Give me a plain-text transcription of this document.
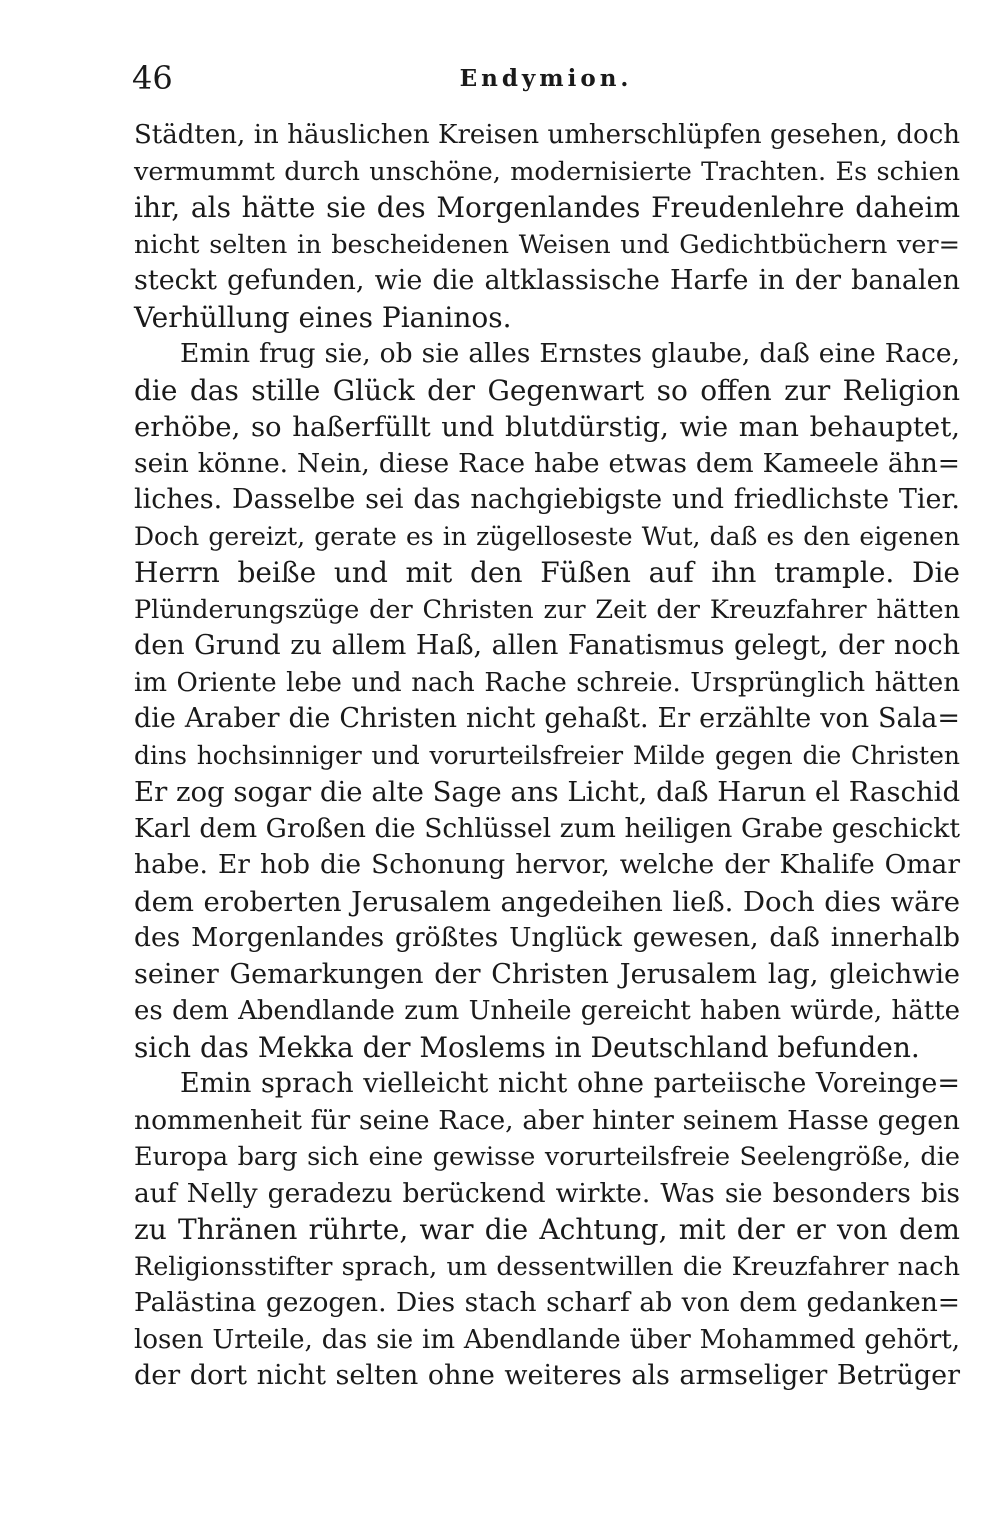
46	Endymion.
Städten, in häuslichen Kreisen umherschlüpfen gesehen, doch
vermummt durch unschöne, modernisierte Trachten. Es schien
ihr, als hätte sie des Morgenlandes Freudenlehre daheim
nicht selten in bescheidenen Weisen und Gedichtbüchern ver=
steckt gefunden, wie die altklassische Harfe in der banalen
Verhüllung eines Pianinos.
Emin frug sie, ob sie alles Ernstes glaube, daß eine Race,
die das stille Glück der Gegenwart so offen zur Religion
erhöbe, so haßerfüllt und blutdürstig, wie man behauptet,
sein könne. Nein, diese Race habe etwas dem Kameele ähn=
liches. Dasselbe sei das nachgiebigste und friedlichste Tier.
Doch gereizt, gerate es in zügelloseste Wut, daß es den eigenen
Herrn beiße und mit den Füßen auf ihn trample. Die
Plünderungszüge der Christen zur Zeit der Kreuzfahrer hätten
den Grund zu allem Haß, allen Fanatismus gelegt, der noch
im Oriente lebe und nach Rache schreie. Ursprünglich hätten
die Araber die Christen nicht gehaßt. Er erzählte von Sala=
dins hochsinniger und vorurteilsfreier Milde gegen die Christen
Er zog sogar die alte Sage ans Licht, daß Harun el Raschid
Karl dem Großen die Schlüssel zum heiligen Grabe geschickt
habe. Er hob die Schonung hervor, welche der Khalife Omar
dem eroberten Jerusalem angedeihen ließ. Doch dies wäre
des Morgenlandes größtes Unglück gewesen, daß innerhalb
seiner Gemarkungen der Christen Jerusalem lag, gleichwie
es dem Abendlande zum Unheile gereicht haben würde, hätte
sich das Mekka der Moslems in Deutschland befunden.
Emin sprach vielleicht nicht ohne parteiische Voreinge=
nommenheit für seine Race, aber hinter seinem Hasse gegen
Europa barg sich eine gewisse vorurteilsfreie Seelengröße, die
auf Nelly geradezu berückend wirkte. Was sie besonders bis
zu Thränen rührte, war die Achtung, mit der er von dem
Religionsstifter sprach, um dessentwillen die Kreuzfahrer nach
Palästina gezogen. Dies stach scharf ab von dem gedanken=
losen Urteile, das sie im Abendlande über Mohammed gehört,
der dort nicht selten ohne weiteres als armseliger Betrüger
